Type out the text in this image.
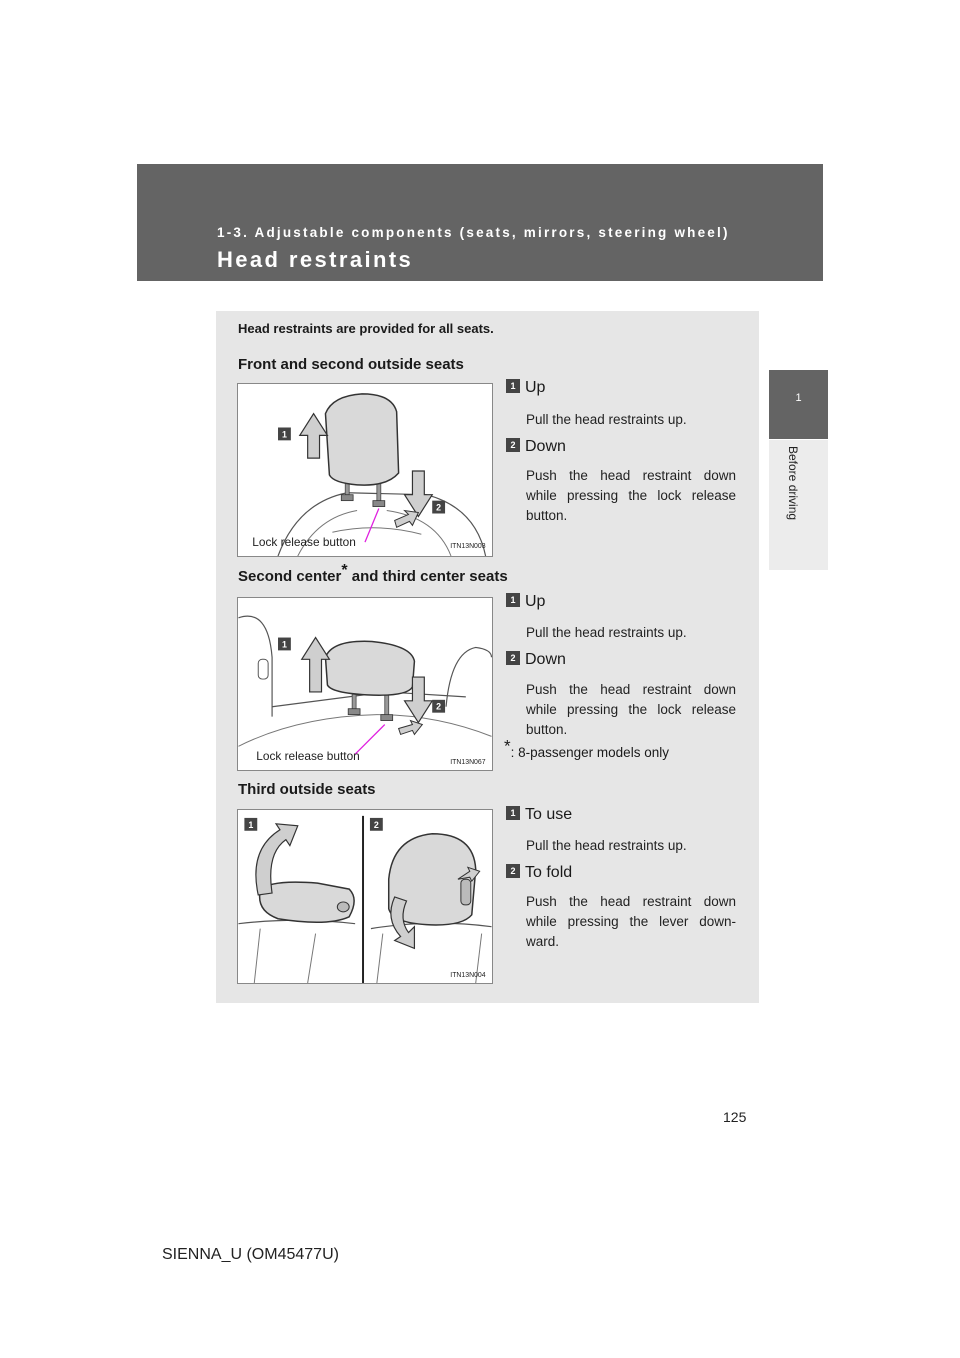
1-3. Adjustable components (seats, mirrors, steering wheel)
Head restraints
1
Before driving
Head restraints are provided for all seats.
Front and second outside seats
1
2
Lock release button	ITN13N003
1 Up
Pull the head restraints up.
2 Down
Push the head restraint down while pressing the lock release button.
Second center* and third center seats
1
2
Lock release button	ITN13N067
1 Up
Pull the head restraints up.
2 Down
Push the head restraint down while pressing the lock release button.
*: 8-passenger models only
Third outside seats
1	2
ITN13N004
1 To use
Pull the head restraints up.
2 To fold
Push the head restraint down while pressing the lever down-ward.
125
SIENNA_U (OM45477U)
